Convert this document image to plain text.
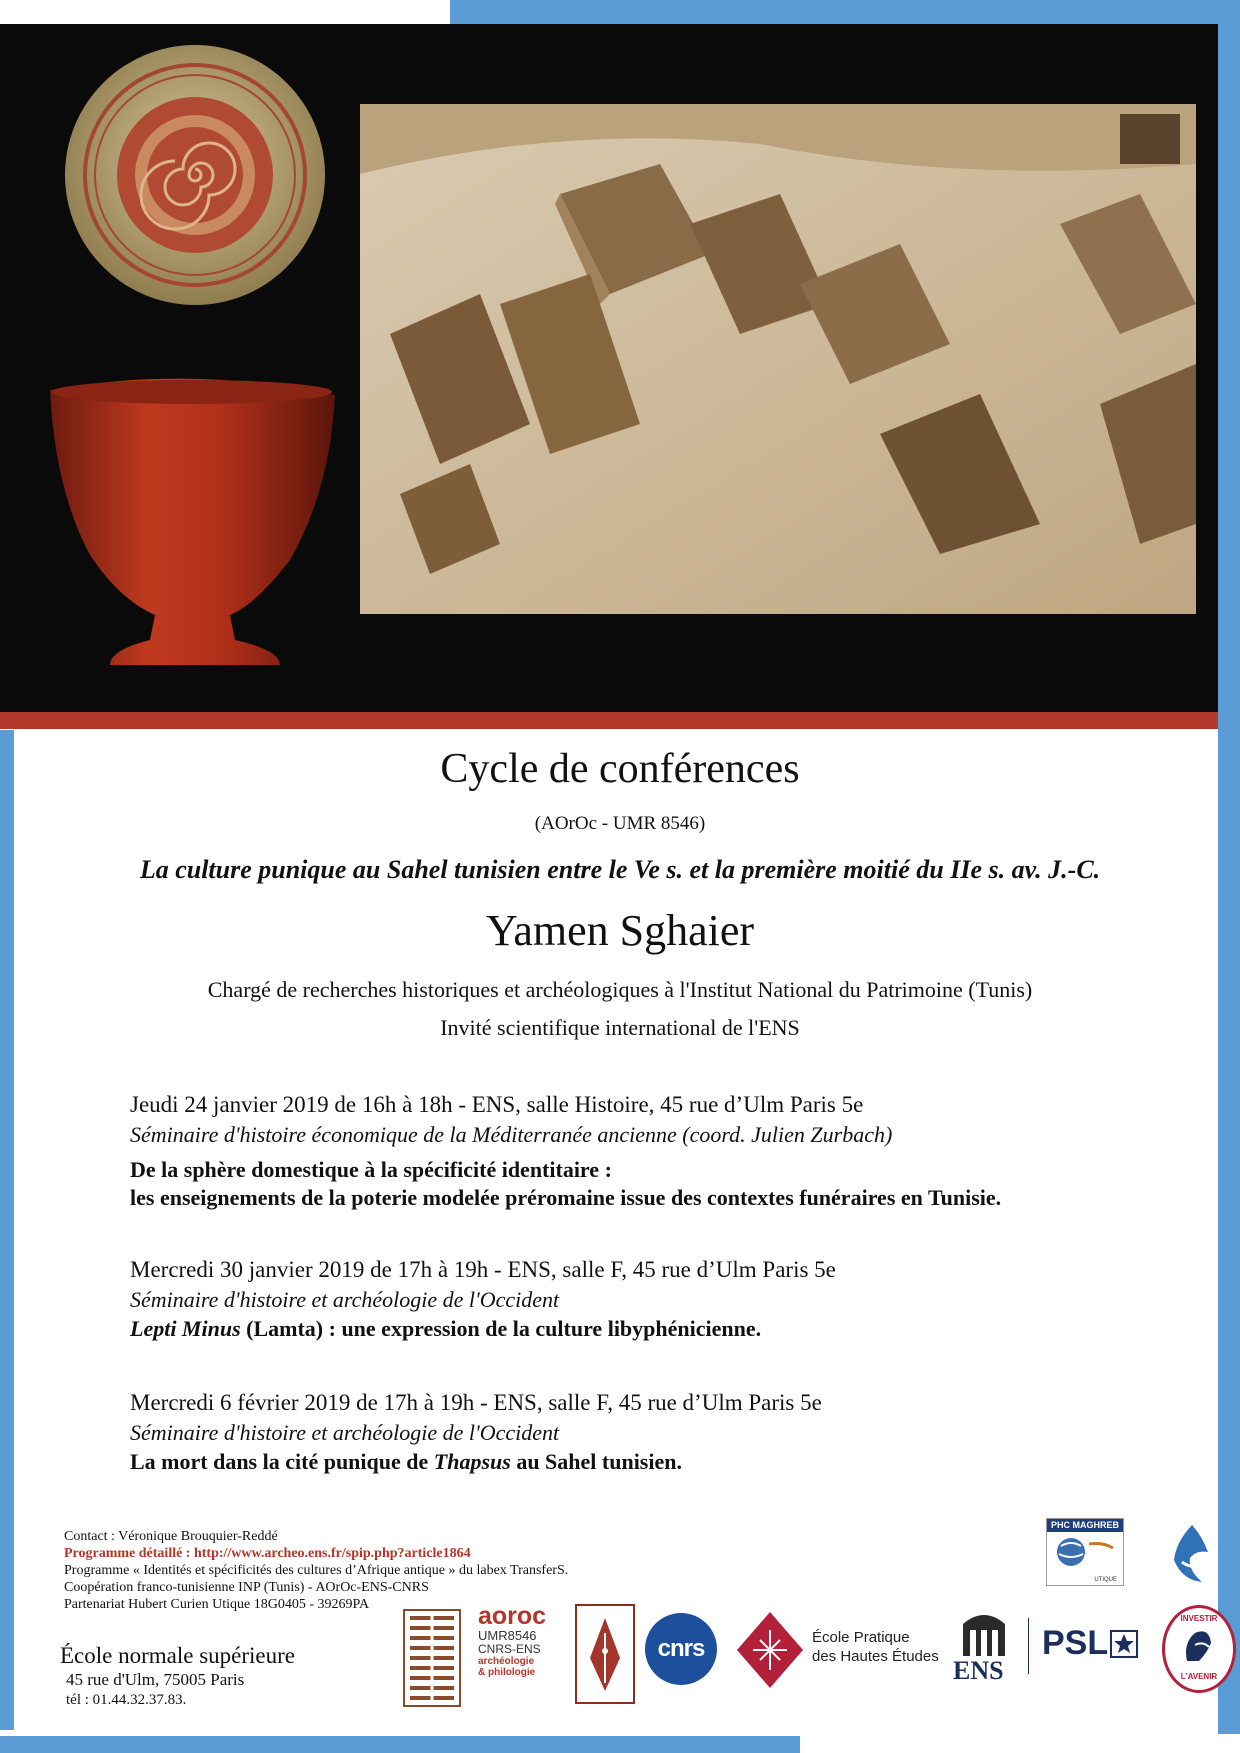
Cycle de conférences
(AOrOc - UMR 8546)
La culture punique au Sahel tunisien entre le Ve s. et la première moitié du IIe s. av. J.-C.
Yamen Sghaier
Chargé de recherches historiques et archéologiques à l'Institut National du Patrimoine (Tunis)
Invité scientifique international de l'ENS
Jeudi 24 janvier 2019 de 16h à 18h - ENS, salle Histoire, 45 rue d’Ulm Paris 5e
Séminaire d'histoire économique de la Méditerranée ancienne (coord. Julien Zurbach)
De la sphère domestique à la spécificité identitaire :
les enseignements de la poterie modelée préromaine issue des contextes funéraires en Tunisie.
Mercredi 30 janvier 2019 de 17h à 19h - ENS, salle F, 45 rue d’Ulm Paris 5e
Séminaire d'histoire et archéologie de l'Occident
Lepti Minus (Lamta) : une expression de la culture libyphénicienne.
Mercredi 6 février 2019 de 17h à 19h - ENS, salle F, 45 rue d’Ulm Paris 5e
Séminaire d'histoire et archéologie de l'Occident
La mort dans la cité punique de Thapsus au Sahel tunisien.
Contact : Véronique Brouquier-Reddé
Programme détaillé : http://www.archeo.ens.fr/spip.php?article1864
Programme « Identités et spécificités des cultures d’Afrique antique » du labex TransferS.
Coopération franco-tunisienne INP (Tunis) - AOrOc-ENS-CNRS
Partenariat Hubert Curien Utique 18G0405 - 39269PA
École normale supérieure
45 rue d'Ulm, 75005 Paris
tél : 01.44.32.37.83.
PHC MAGHREB
UTIQUE
aoroc
UMR8546
CNRS-ENS
archéologie
& philologie
cnrs	École Pratique
des Hautes Études ENS
PSL
INVESTIR
L'AVENIR
